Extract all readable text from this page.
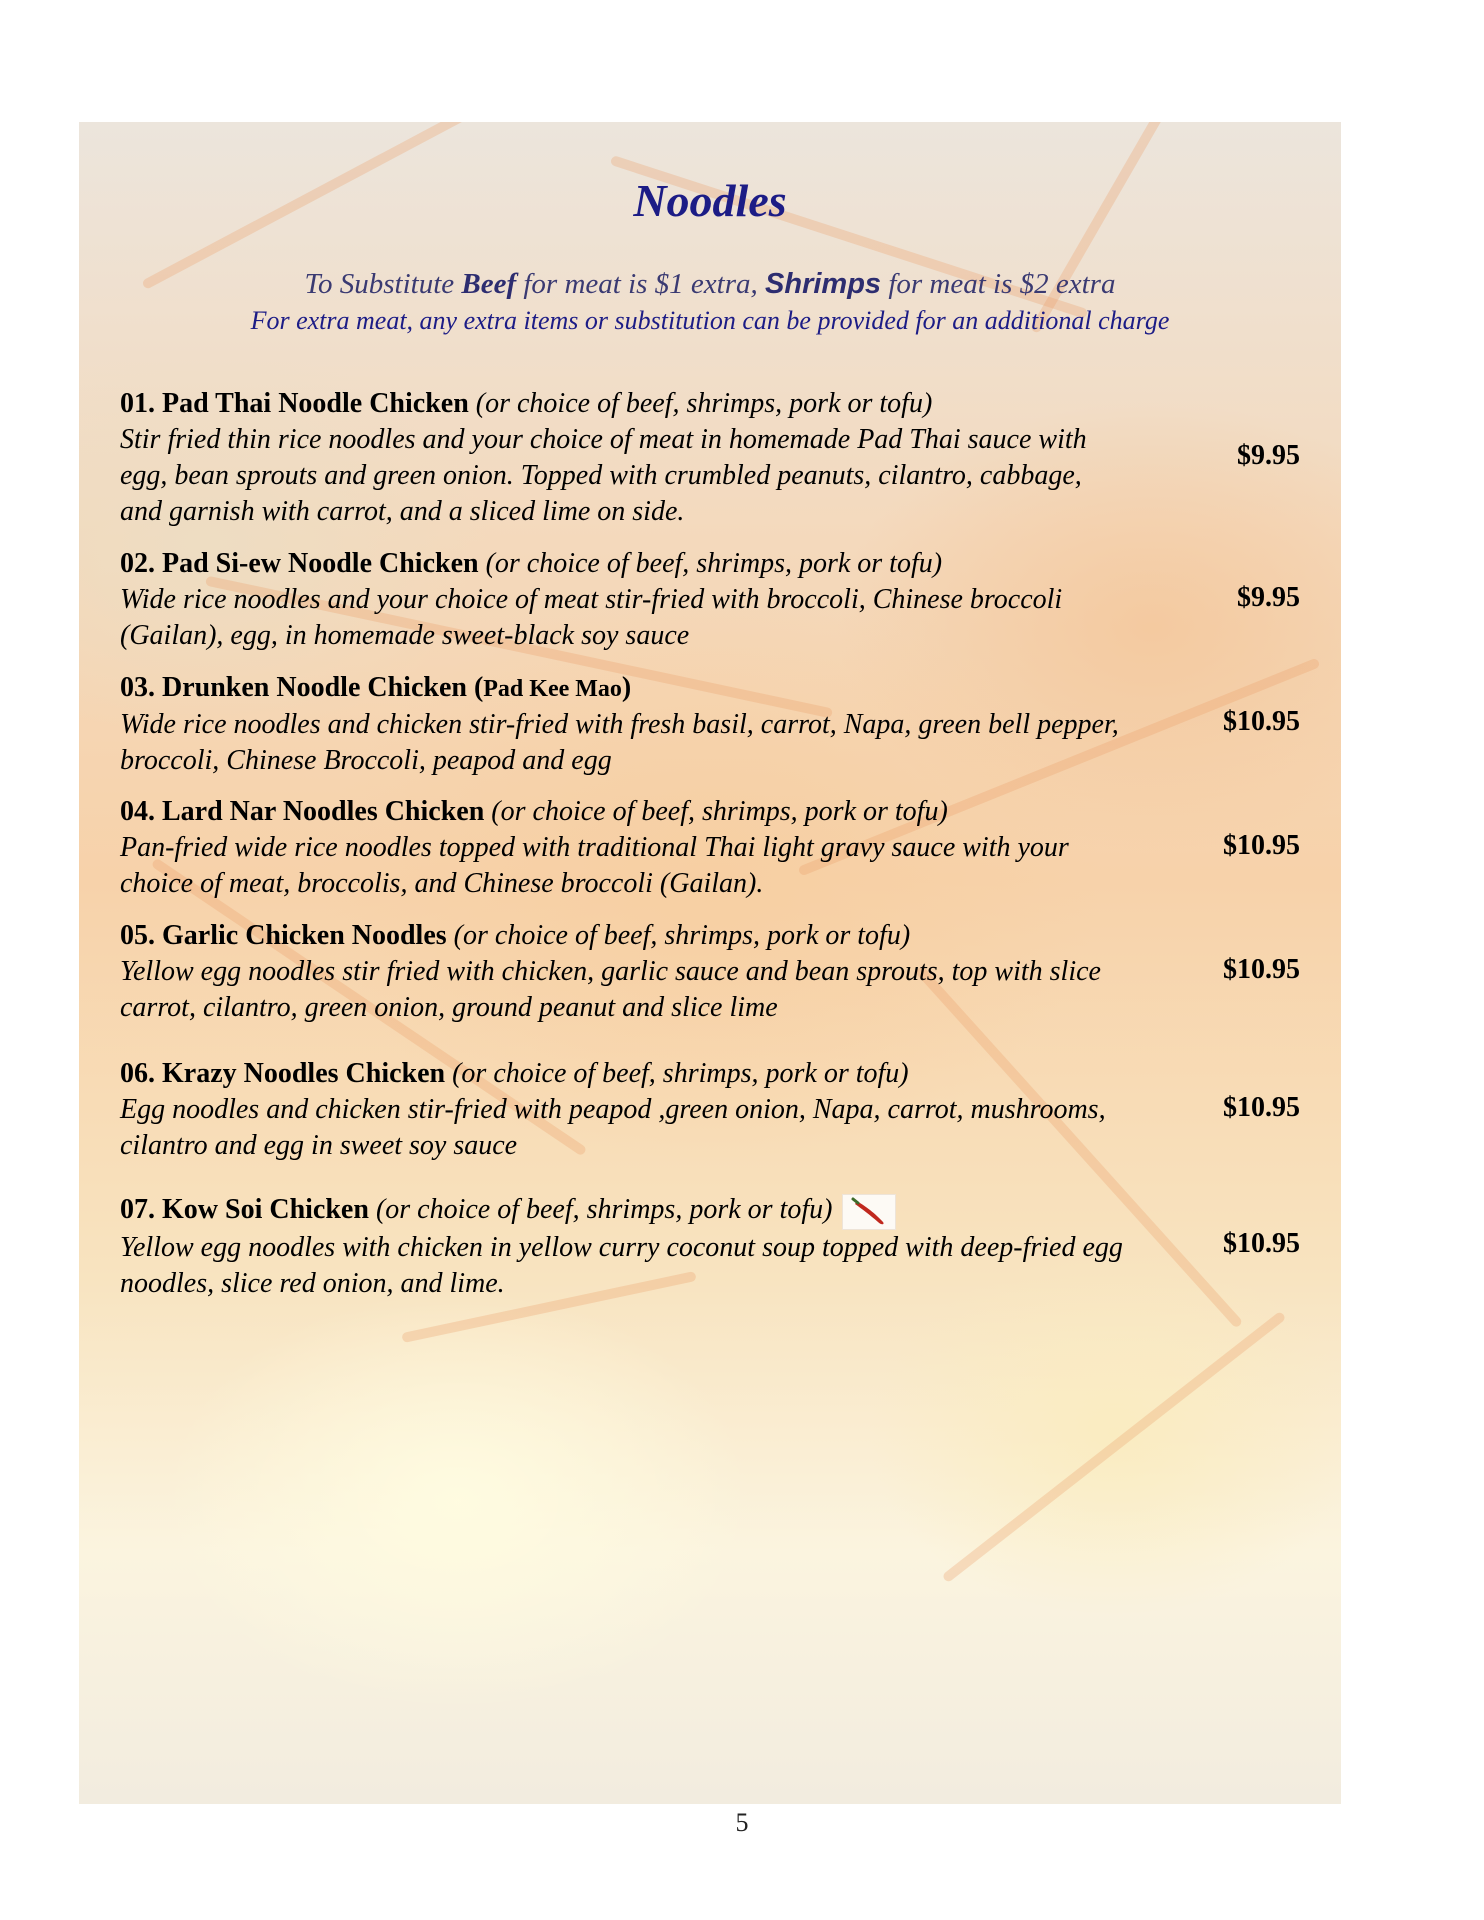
Noodles
To Substitute Beef for meat is $1 extra, Shrimps for meat is $2 extra
For extra meat, any extra items or substitution can be provided for an additional charge
01. Pad Thai Noodle Chicken (or choice of beef, shrimps, pork or tofu)
Stir fried thin rice noodles and your choice of meat in homemade Pad Thai sauce with egg, bean sprouts and green onion. Topped with crumbled peanuts, cilantro, cabbage, and garnish with carrot, and a sliced lime on side.
$9.95
02. Pad Si-ew Noodle Chicken (or choice of beef, shrimps, pork or tofu)
Wide rice noodles and your choice of meat stir-fried with broccoli, Chinese broccoli (Gailan), egg, in homemade sweet-black soy sauce
$9.95
03. Drunken Noodle Chicken (Pad Kee Mao)
Wide rice noodles and chicken stir-fried with fresh basil, carrot, Napa, green bell pepper, broccoli, Chinese Broccoli, peapod and egg
$10.95
04. Lard Nar Noodles Chicken (or choice of beef, shrimps, pork or tofu)
Pan-fried wide rice noodles topped with traditional Thai light gravy sauce with your choice of meat, broccolis, and Chinese broccoli (Gailan).
$10.95
05. Garlic Chicken Noodles (or choice of beef, shrimps, pork or tofu)
Yellow egg noodles stir fried with chicken, garlic sauce and bean sprouts, top with slice carrot, cilantro, green onion, ground peanut and slice lime
$10.95
06. Krazy Noodles Chicken (or choice of beef, shrimps, pork or tofu)
Egg noodles and chicken stir-fried with peapod ,green onion, Napa, carrot, mushrooms, cilantro and egg in sweet soy sauce
$10.95
07. Kow Soi Chicken (or choice of beef, shrimps, pork or tofu)
Yellow egg noodles with chicken in yellow curry coconut soup topped with deep-fried egg noodles, slice red onion, and lime.
$10.95
5
